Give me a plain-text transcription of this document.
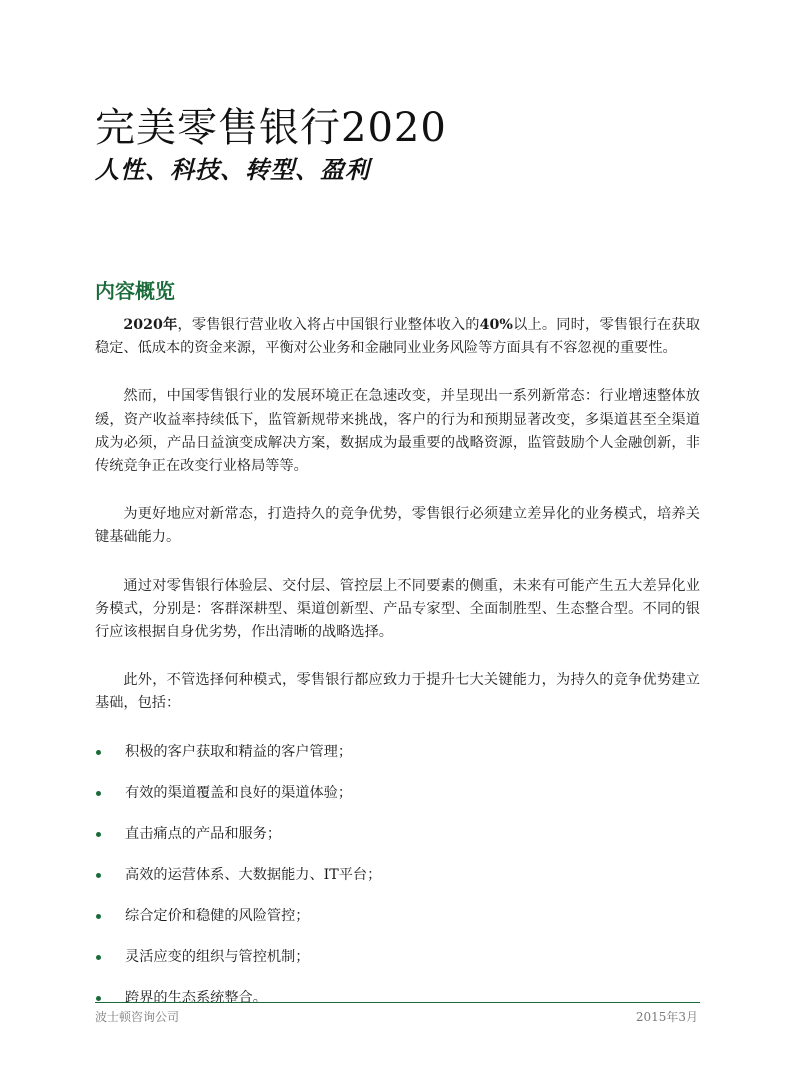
完美零售银行2020
人性、科技、转型、盈利
内容概览

2020年，零售银行营业收入将占中国银行业整体收入的40%以上。同时，零售银行在获取稳定、低成本的资金来源，平衡对公业务和金融同业业务风险等方面具有不容忽视的重要性。

然而，中国零售银行业的发展环境正在急速改变，并呈现出一系列新常态：行业增速整体放缓，资产收益率持续低下，监管新规带来挑战，客户的行为和预期显著改变，多渠道甚至全渠道成为必须，产品日益演变成解决方案，数据成为最重要的战略资源，监管鼓励个人金融创新，非传统竞争正在改变行业格局等等。

为更好地应对新常态，打造持久的竞争优势，零售银行必须建立差异化的业务模式，培养关键基础能力。

通过对零售银行体验层、交付层、管控层上不同要素的侧重，未来有可能产生五大差异化业务模式，分别是：客群深耕型、渠道创新型、产品专家型、全面制胜型、生态整合型。不同的银行应该根据自身优劣势，作出清晰的战略选择。

此外，不管选择何种模式，零售银行都应致力于提升七大关键能力，为持久的竞争优势建立基础，包括：

积极的客户获取和精益的客户管理；
有效的渠道覆盖和良好的渠道体验；
直击痛点的产品和服务；
高效的运营体系、大数据能力、IT平台；
综合定价和稳健的风险管控；
灵活应变的组织与管控机制；
跨界的生态系统整合。
波士顿咨询公司	2015年3月
